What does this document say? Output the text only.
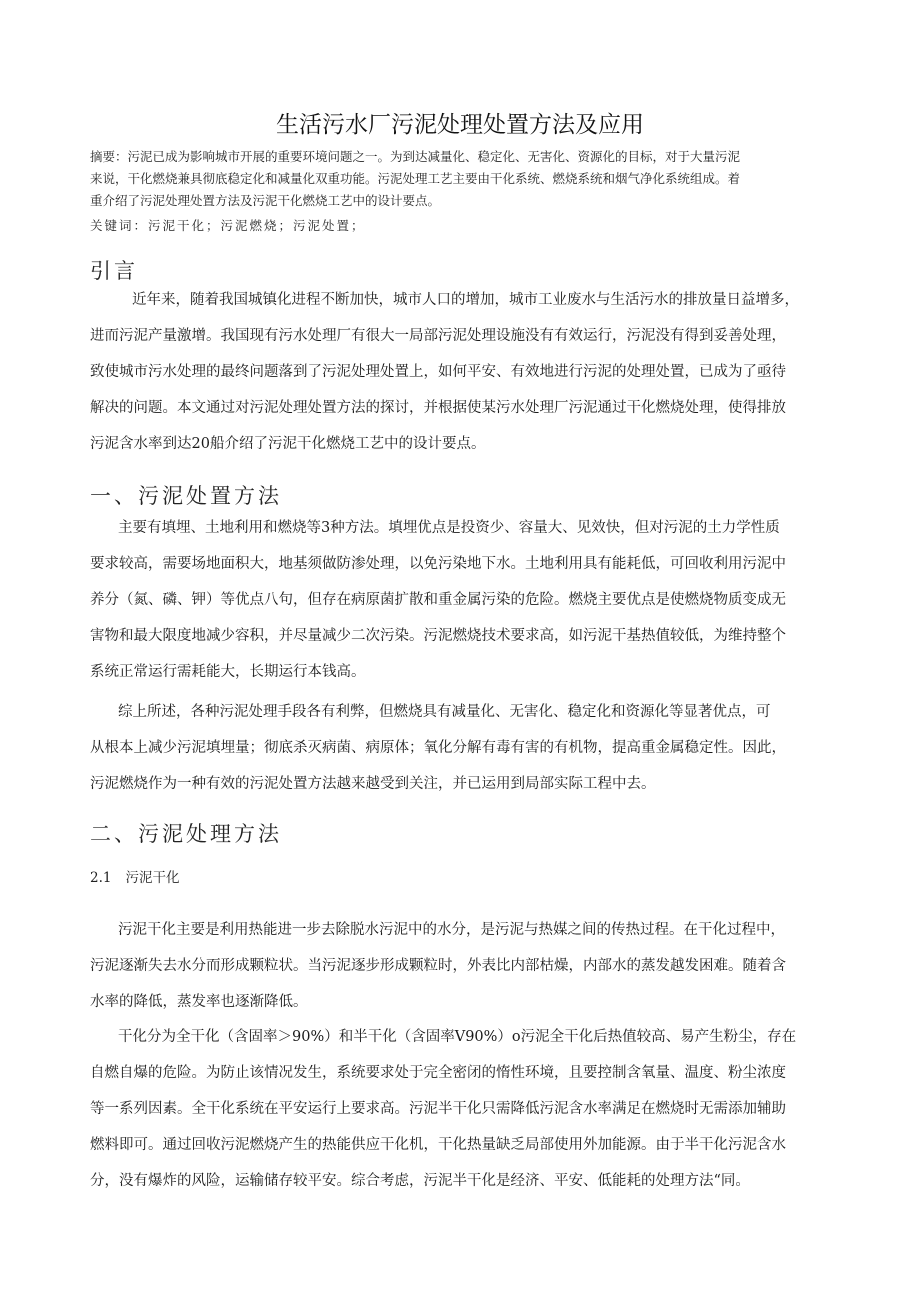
生活污水厂污泥处理处置方法及应用
摘要：污泥已成为影响城市开展的重要环境问题之一。为到达减量化、稳定化、无害化、资源化的目标，对于大量污泥
来说，干化燃烧兼具彻底稳定化和减量化双重功能。污泥处理工艺主要由干化系统、燃烧系统和烟气净化系统组成。着
重介绍了污泥处理处置方法及污泥干化燃烧工艺中的设计要点。
关键词：污泥干化；污泥燃烧；污泥处置；
引言
近年来，随着我国城镇化进程不断加快，城市人口的增加，城市工业废水与生活污水的排放量日益增多，
进而污泥产量激增。我国现有污水处理厂有很大一局部污泥处理设施没有有效运行，污泥没有得到妥善处理，
致使城市污水处理的最终问题落到了污泥处理处置上，如何平安、有效地进行污泥的处理处置，已成为了亟待
解决的问题。本文通过对污泥处理处置方法的探讨，并根据使某污水处理厂污泥通过干化燃烧处理，使得排放
污泥含水率到达20船介绍了污泥干化燃烧工艺中的设计要点。
一、污泥处置方法
主要有填埋、土地利用和燃烧等3种方法。填埋优点是投资少、容量大、见效快，但对污泥的土力学性质
要求较高，需要场地面积大，地基须做防渗处理，以免污染地下水。土地利用具有能耗低，可回收利用污泥中
养分（氮、磷、钾）等优点八句，但存在病原菌扩散和重金属污染的危险。燃烧主要优点是使燃烧物质变成无
害物和最大限度地减少容积，并尽量减少二次污染。污泥燃烧技术要求高，如污泥干基热值较低，为维持整个
系统正常运行需耗能大，长期运行本钱高。
综上所述，各种污泥处理手段各有利弊，但燃烧具有减量化、无害化、稳定化和资源化等显著优点，可
从根本上减少污泥填埋量；彻底杀灭病菌、病原体；氧化分解有毒有害的有机物，提高重金属稳定性。因此，
污泥燃烧作为一种有效的污泥处置方法越来越受到关注，并已运用到局部实际工程中去。
二、污泥处理方法
2.1 污泥干化
污泥干化主要是利用热能进一步去除脱水污泥中的水分，是污泥与热媒之间的传热过程。在干化过程中，
污泥逐渐失去水分而形成颗粒状。当污泥逐步形成颗粒时，外表比内部枯燥，内部水的蒸发越发困难。随着含
水率的降低，蒸发率也逐渐降低。
干化分为全干化（含固率＞90%）和半干化（含固率V90%）o污泥全干化后热值较高、易产生粉尘，存在
自燃自爆的危险。为防止该情况发生，系统要求处于完全密闭的惰性环境，且要控制含氧量、温度、粉尘浓度
等一系列因素。全干化系统在平安运行上要求高。污泥半干化只需降低污泥含水率满足在燃烧时无需添加辅助
燃料即可。通过回收污泥燃烧产生的热能供应干化机，干化热量缺乏局部使用外加能源。由于半干化污泥含水
分，没有爆炸的风险，运输储存较平安。综合考虑，污泥半干化是经济、平安、低能耗的处理方法“同。
